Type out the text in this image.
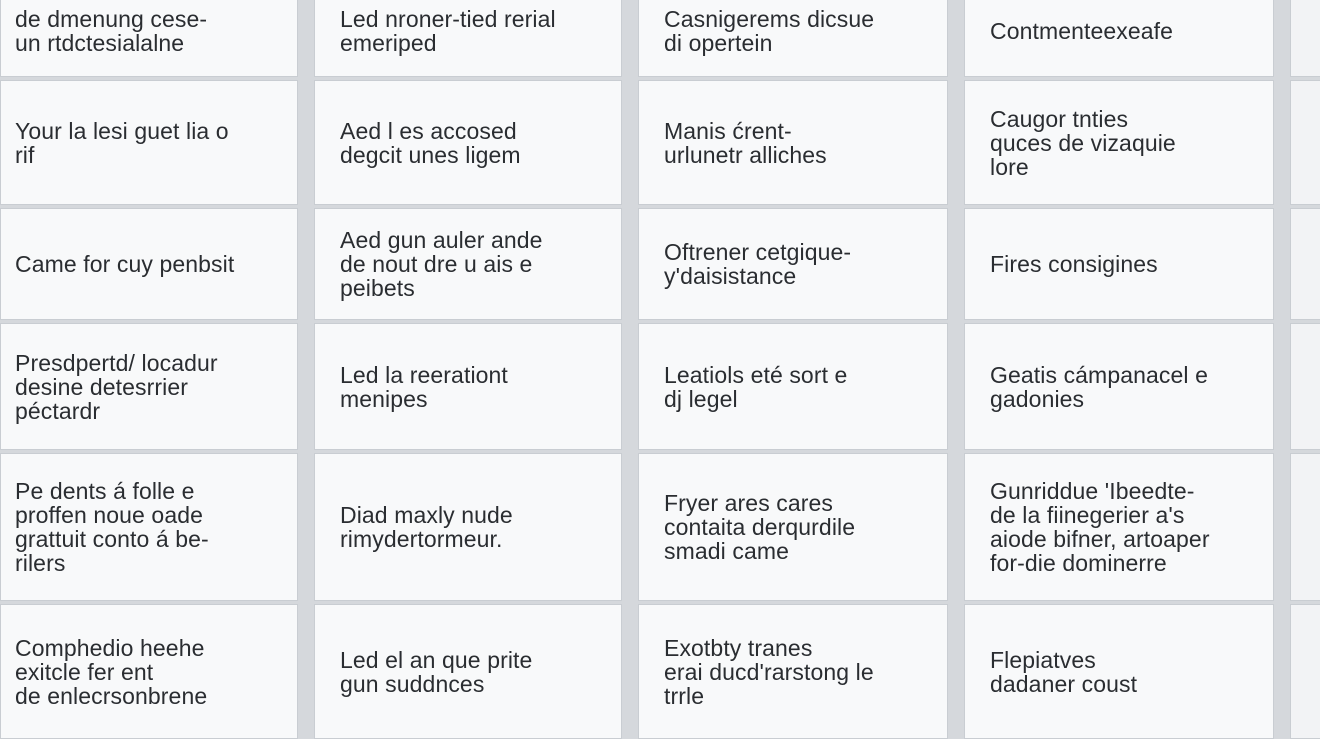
de dmenung cese-
un rtdctesialalne
Led nroner-tied rerial
emeriped
Casnigerems dicsue
di opertein	Contmenteexeafe
Your la lesi guet lia o
rif
Aed l es accosed
degcit unes ligem
Manis ćrent-
urlunetr alliches
Caugor tnties
quces de vizaquie
lore
Came for cuy penbsit
Aed gun auler ande
de nout dre u ais e
peibets
Oftrener cetgique-
y'daisistance	Fires consigines
Presdpertd/ locadur
desine detesrrier
péctardr
Led la reerationt
menipes
Leatiols eté sort e
dj legel
Geatis cámpanacel e
gadonies
Pe dents á folle e
proffen noue oade
grattuit conto á be-
rilers
Diad maxly nude
rimydertormeur.
Fryer ares cares
contaita derqurdile
smadi came
Gunriddue 'Ibeedte-
de la fiinegerier a's
aiode bifner, artoaper
for-die dominerre
Comphedio heehe
exitcle fer ent
de enlecrsonbrene
Led el an que prite
gun suddnces
Exotbty tranes
erai ducd'rarstong le
trrle
Flepiatves
dadaner coust
